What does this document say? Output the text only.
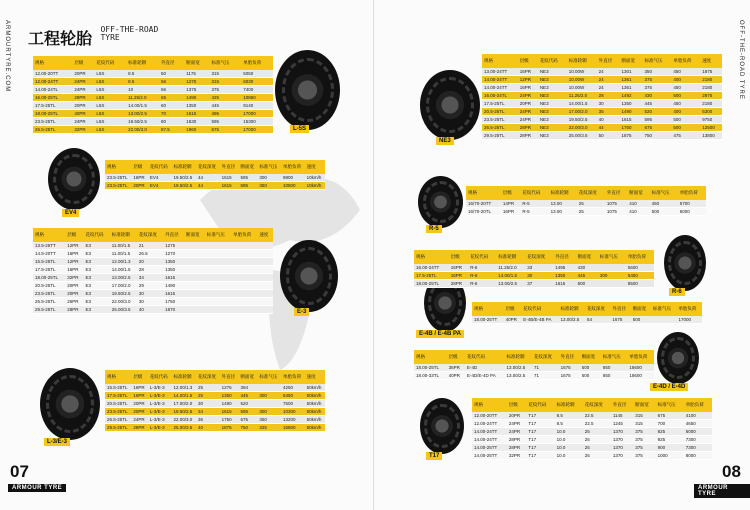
ARMOURTYRE.COM 工程轮胎 OFF-THE-ROAD
TYRE
L-5S
EV4
E-3
L-3/E-3
07
ARMOUR TYRE
规格	层级	花纹代码	标准轮辋	外直径	断面宽	标准气压	单胎负荷
12.00-20TT	20PR	L5S	8.5	50	1175	315	5050
12.00-24TT	24PR	L5S	8.5	56	1270	315	6030
14.00-24TL	24PR	L5S	10	56	1375	375	7400
16.00-25TL	28PR	L5S	11.25/2.0	65	1490	425	10850
17.5-25TL	20PR	L5S	14.00/1.5	60	1350	445	9140
18.00-25TL	40PR	L5S	13.00/2.5	70	1615	495	17000
23.5-25TL	24PR	L5S	19.50/2.5	80	1630	595	15300
26.5-25TL	32PR	L5S	22.00/3.0	87.5	1960	675	17000
规格	层级	花纹代码	标准轮辋	花纹深度	外直径	断面宽	标准气压	单胎负荷	速度
23.5-25TL	16PR	EV4	19.50/2.5	44	1615	595	300	9800	10km/h
23.5-25TL	20PR	EV4	19.50/2.5	44	1615	595	350	10800	10km/h
规格	层级	花纹代码	标准轮辋	花纹深度	外直径	断面宽	标准气压	单胎负荷	速度
13.5-25TT	12PR	E3	11.00/1.5	21	1275				
14.5-20TT	16PR	E3	11.00/1.5	26.5	1270				
15.5-25TL	12PR	E3	12.00/1.3	20	1350				
17.5-25TL	16PR	E3	14.00/1.5	28	1350				
18.00-25TL	32PR	E3	13.00/2.5	34	1615				
20.5-25TL	20PR	E3	17.00/2.0	29	1490				
23.5-25TL	20PR	E3	19.50/2.5	30	1615				
26.5-25TL	26PR	E3	22.00/3.0	30	1750				
29.5-25TL	28PR	E3	25.00/3.5	40	1870				
规格	层级	花纹代码	标准轮辋	花纹深度	外直径	断面宽	标准气压	单胎负荷	速度
15.5-25TL	16PR	L-3/E-3	12.00/1.3	25	1275	394		4250	50km/h
17.5-25TL	16PR	L-3/E-3	14.00/1.5	25	1350	445	300	5450	50km/h
20.5-25TL	20PR	L-3/E-3	17.00/2.0	30	1490	520		7500	50km/h
23.5-25TL	20PR	L-3/E-3	19.50/2.5	34	1615	595	300	10300	50km/h
26.5-25TL	24PR	L-3/E-3	22.00/3.0	36	1750	675	350	13200	50km/h
29.5-25TL	28PR	L-3/E-3	25.00/3.5	40	1875	750	325	16800	50km/h
OFF-THE-ROAD TYRE
NE3
R-5
R-6
E-4B / E-4B PA
E-4D / E-4D
T17
08
ARMOUR TYRE
规格	层级	花纹代码	标准轮辋	外直径	断面宽	标准气压	单胎负荷	速度
13.00-24TT	16PR	NE3	10.00W	24	1301	350	450	1875
14.00-24TT	12PR	NE3	10.00W	24	1361	375	400	2180
14.00-24TT	16PR	NE3	10.00W	24	1361	375	450	2180
16.00-24TL	24PR	NE3	11.25/2.0	28	1492	430	500	2875
17.5-25TL	20PR	NE3	14.00/1.5	30	1350	445	450	2180
20.5-25TL	24PR	NE3	17.00/2.0	35	1490	520	400	5300
23.5-25TL	24PR	NE3	19.50/2.5	40	1615	595	500	9750
26.5-25TL	28PR	NE3	22.00/3.0	44	1750	675	500	12500
29.5-25TL	28PR	NE3	25.00/3.5	50	1875	750	475	13800
规格	层级	花纹代码	标准轮辋	花纹深度	外直径	断面宽	标准气压	单胎负荷
16/70-20TT	14PR	R-5	13.00	25	1075	410	450	5700
16/70-20TL	16PR	R-5	13.00	25	1075	410	500	6000
规格	层级	花纹代码	标准轮辋	花纹深度	外直径	断面宽	标准气压	单胎负荷
16.00-24TT	16PR	R-6	11.25/2.0	33	1495	430		5600
17.5-25TL	16PR	R-6	14.00/1.5	30	1350	445	300	5450
18.00-25TL	28PR	R-6	13.00/2.5	37	1615	500		8500
规格	层级	花纹代码	标准轮辋	花纹深度	外直径	断面宽	标准气压	单胎负荷
18.00-25TT	40PR	E-4B/E-4B PA	13.00/2.5	54	1675	500		17000
规格	层级	花纹代码	标准轮辋	花纹深度	外直径	断面宽	标准气压	单胎负荷
18.00-25TL	36PR	E-4D	13.00/2.5	71	1675	500	850	18600
18.00-33TL	40PR	E-4D/E-4D PA	13.00/2.5	71	1675	500	850	18600
规格	层级	花纹代码	标准轮辋	花纹深度	外直径	断面宽	标准气压	单胎负荷
12.00-20TT	20PR	T17	8.5	22.5	1145	315	675	4100
12.00-24TT	24PR	T17	8.5	22.5	1245	315	700	4650
14.00-24TT	24PR	T17	10.0	25	1370	375	825	6000
14.00-24TT	28PR	T17	10.0	25	1370	375	925	7300
14.00-25TT	28PR	T17	10.0	25	1370	375	900	7300
14.00-25TT	32PR	T17	10.0	25	1370	375	1000	8000
